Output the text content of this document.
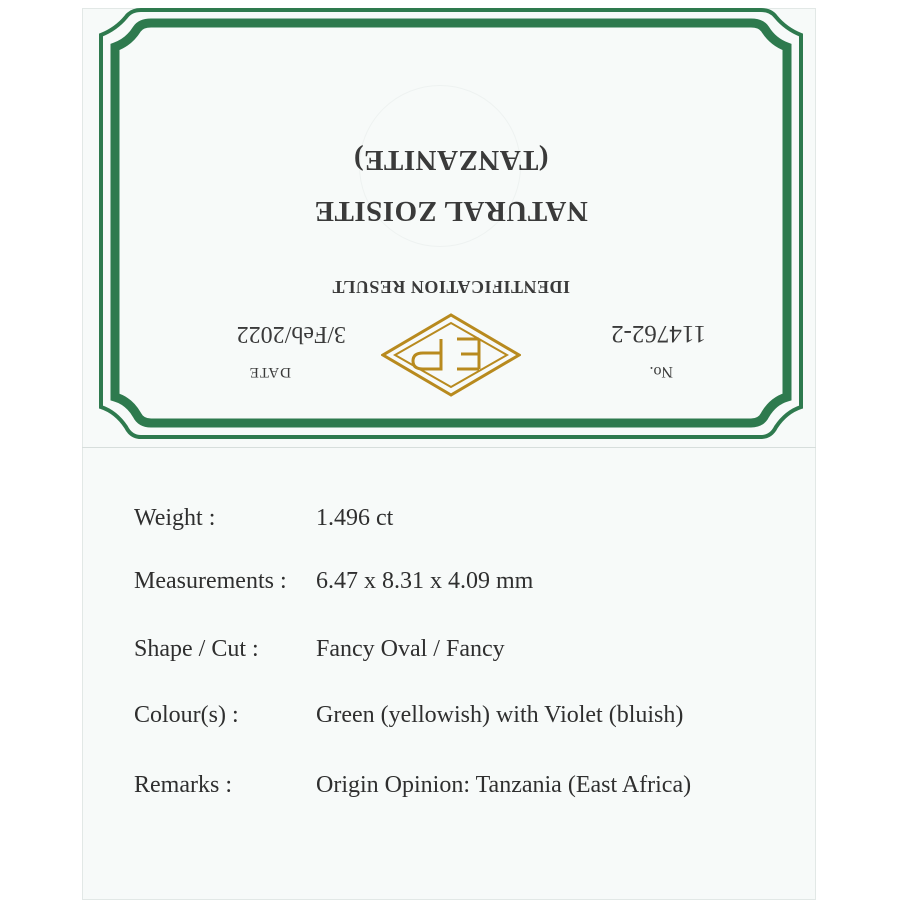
No.
114762-2
DATE
3/Feb/2022
IDENTIFICATION RESULT
NATURAL ZOISITE
(TANZANITE)
Weight :	1.496 ct
Measurements : 6.47 x 8.31 x 4.09 mm
Shape / Cut : Fancy Oval / Fancy
Colour(s) :	Green (yellowish) with Violet (bluish)
Remarks :	Origin Opinion: Tanzania (East Africa)
